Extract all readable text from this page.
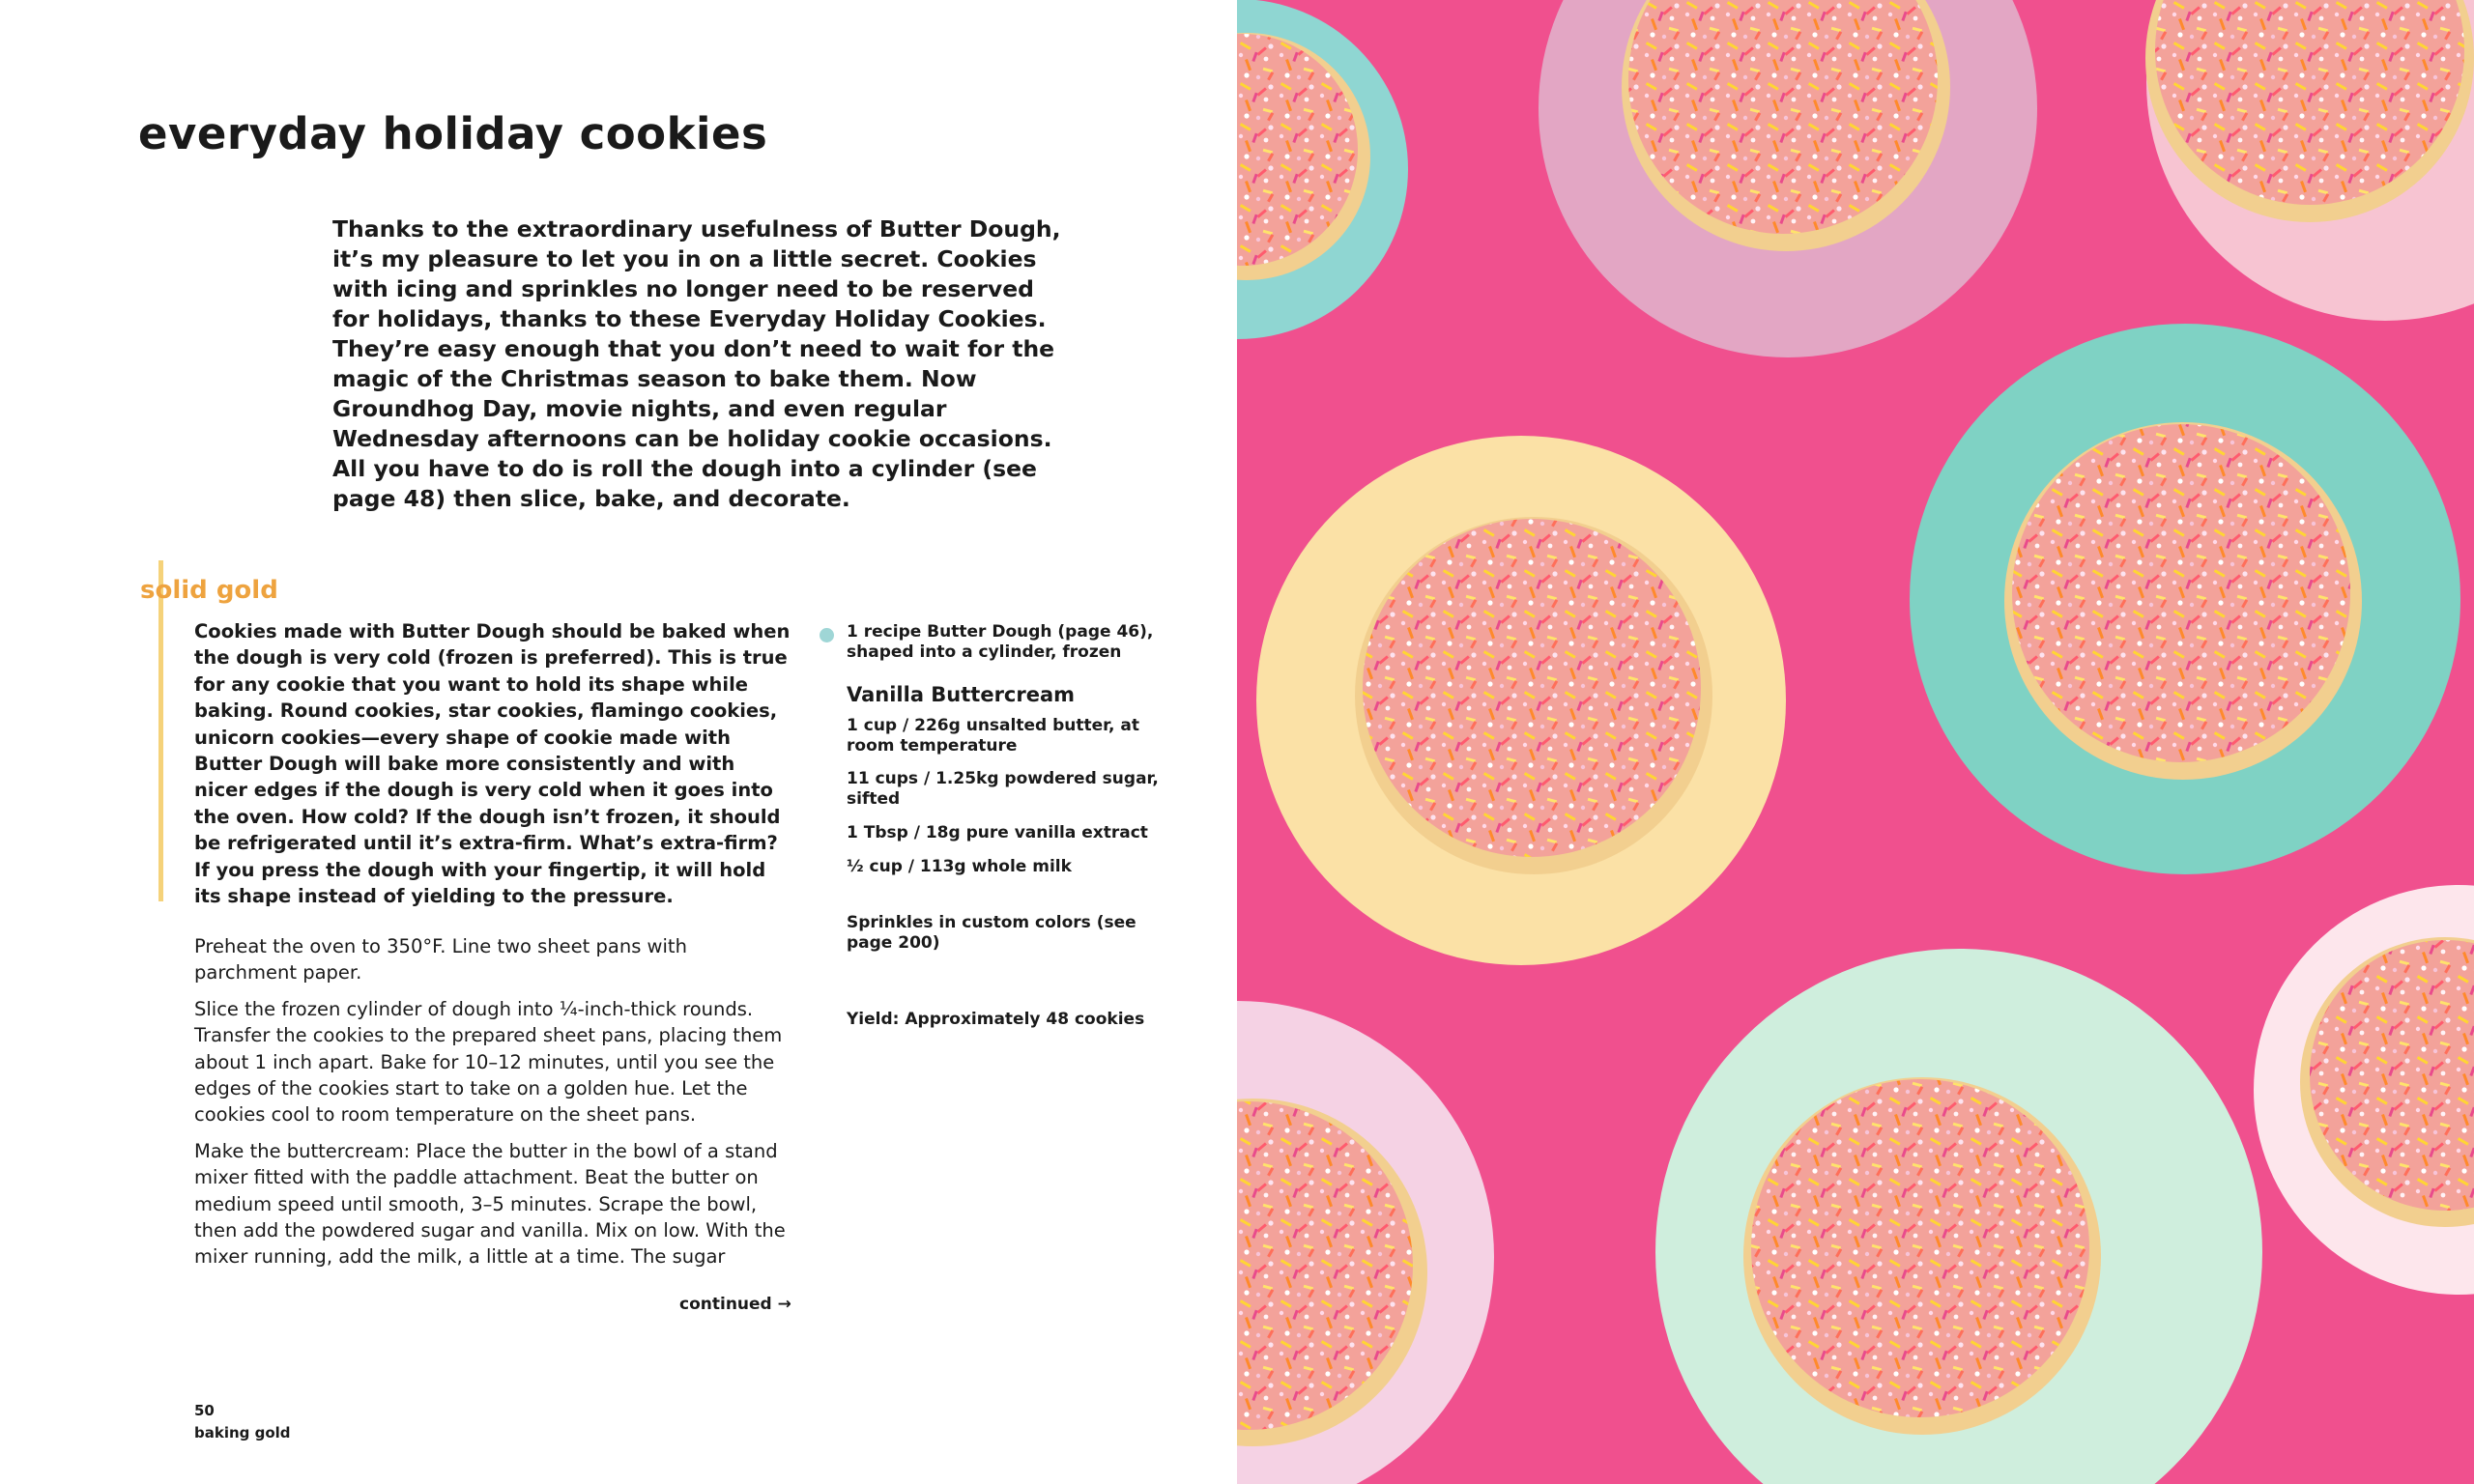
everyday holiday cookies

Thanks to the extraordinary usefulness of Butter Dough, it’s my pleasure to let you in on a little secret. Cookies with icing and sprinkles no longer need to be reserved for holidays, thanks to these Everyday Holiday Cookies. They’re easy enough that you don’t need to wait for the magic of the Christmas season to bake them. Now Groundhog Day, movie nights, and even regular Wednesday afternoons can be holiday cookie occasions. All you have to do is roll the dough into a cylinder (see page 48) then slice, bake, and decorate.

solid gold

Cookies made with Butter Dough should be baked when the dough is very cold (frozen is preferred). This is true for any cookie that you want to hold its shape while baking. Round cookies, star cookies, flamingo cookies, unicorn cookies—every shape of cookie made with Butter Dough will bake more consistently and with nicer edges if the dough is very cold when it goes into the oven. How cold? If the dough isn’t frozen, it should be refrigerated until it’s extra-firm. What’s extra-firm? If you press the dough with your fingertip, it will hold its shape instead of yielding to the pressure.

Preheat the oven to 350°F. Line two sheet pans with parchment paper.

Slice the frozen cylinder of dough into ¼-inch-thick rounds. Transfer the cookies to the prepared sheet pans, placing them about 1 inch apart. Bake for 10–12 minutes, until you see the edges of the cookies start to take on a golden hue. Let the cookies cool to room temperature on the sheet pans.

Make the buttercream: Place the butter in the bowl of a stand mixer fitted with the paddle attachment. Beat the butter on medium speed until smooth, 3–5 minutes. Scrape the bowl, then add the powdered sugar and vanilla. Mix on low. With the mixer running, add the milk, a little at a time. The sugar

continued →
50
baking gold

1 recipe Butter Dough (page 46), shaped into a cylinder, frozen

Vanilla Buttercream

1 cup / 226g unsalted butter, at room temperature

11 cups / 1.25kg powdered sugar, sifted

1 Tbsp / 18g pure vanilla extract

½ cup / 113g whole milk

Sprinkles in custom colors (see page 200)

Yield: Approximately 48 cookies
